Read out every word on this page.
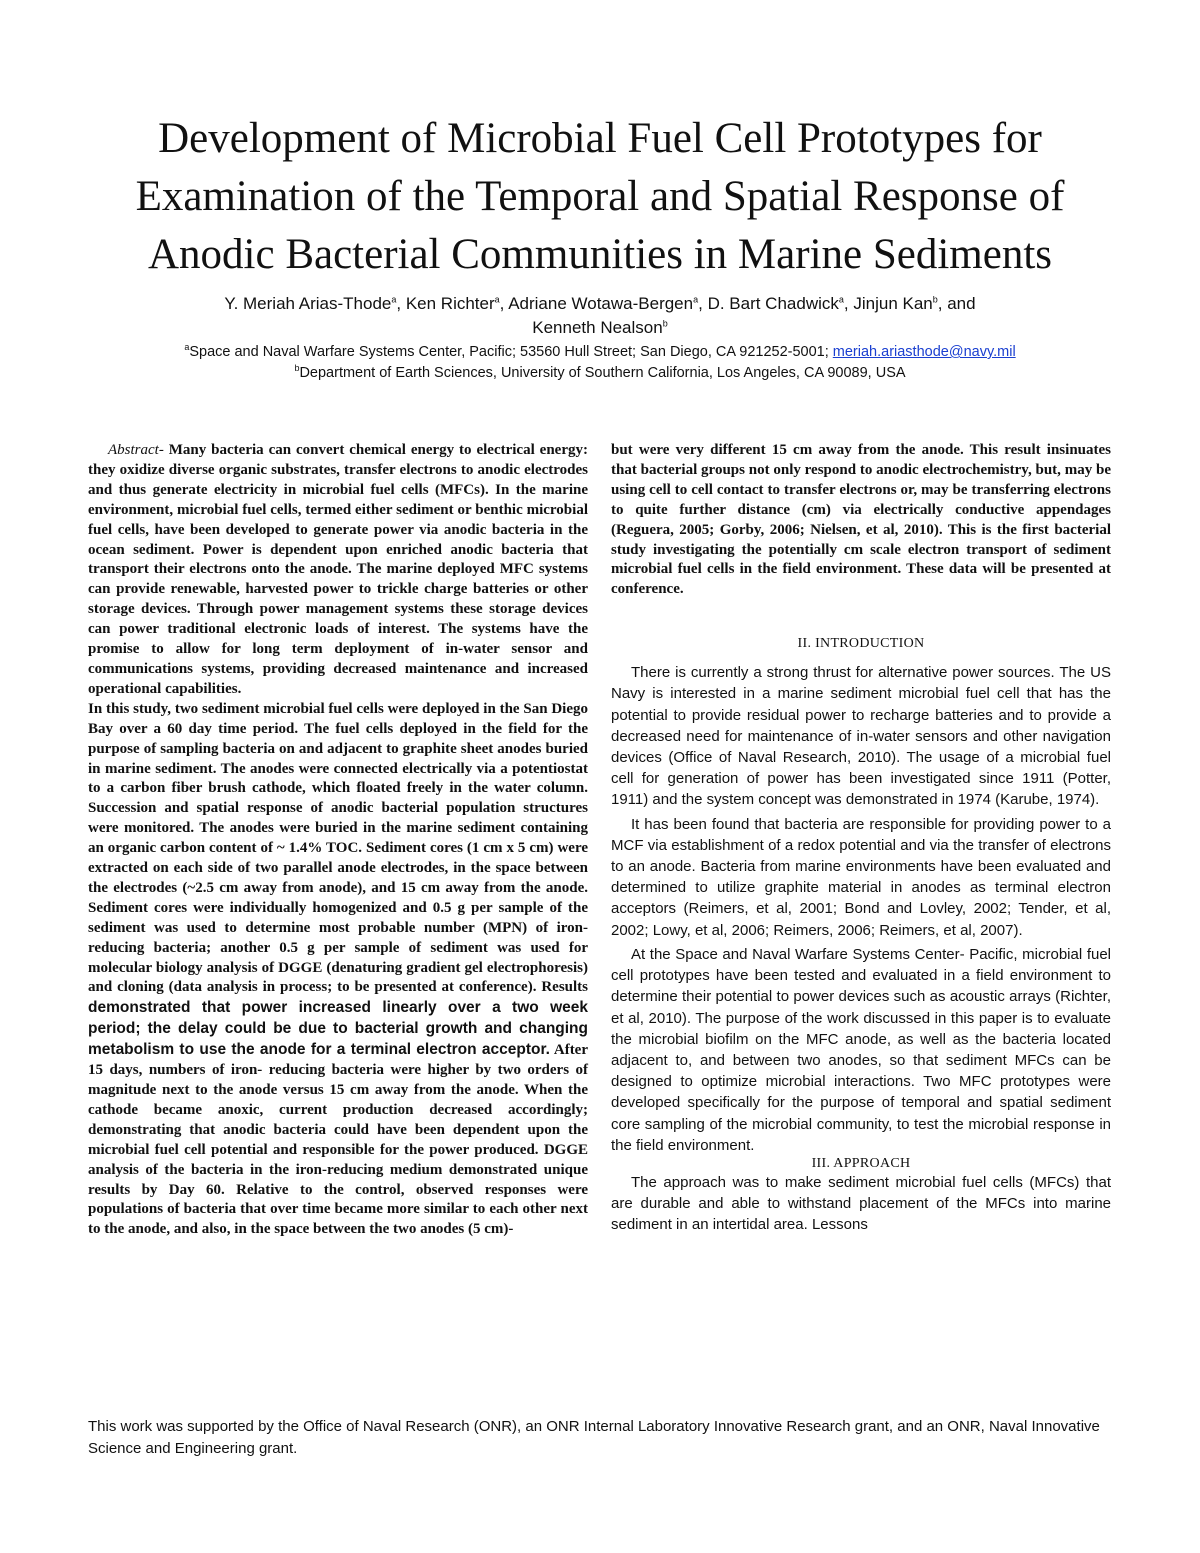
Development of Microbial Fuel Cell Prototypes for
Examination of the Temporal and Spatial Response of
Anodic Bacterial Communities in Marine Sediments
Y. Meriah Arias-Thode$^a$, Ken Richter$^a$, Adriane Wotawa-Bergen$^a$, D. Bart Chadwick$^a$, Jinjun Kan$^b$, and
Kenneth Nealson$^b$
$^a$Space and Naval Warfare Systems Center, Pacific; 53560 Hull Street; San Diego, CA 921252-5001; meriah.ariasthode@navy.mil
$^b$Department of Earth Sciences, University of Southern California, Los Angeles, CA 90089, USA

Abstract- Many bacteria can convert chemical energy to electrical energy: they oxidize diverse organic substrates, transfer electrons to anodic electrodes and thus generate electricity in microbial fuel cells (MFCs). In the marine environment, microbial fuel cells, termed either sediment or benthic microbial fuel cells, have been developed to generate power via anodic bacteria in the ocean sediment. Power is dependent upon enriched anodic bacteria that transport their electrons onto the anode. The marine deployed MFC systems can provide renewable, harvested power to trickle charge batteries or other storage devices. Through power management systems these storage devices can power traditional electronic loads of interest. The systems have the promise to allow for long term deployment of in-water sensor and communications systems, providing decreased maintenance and increased operational capabilities.

In this study, two sediment microbial fuel cells were deployed in the San Diego Bay over a 60 day time period. The fuel cells deployed in the field for the purpose of sampling bacteria on and adjacent to graphite sheet anodes buried in marine sediment. The anodes were connected electrically via a potentiostat to a carbon fiber brush cathode, which floated freely in the water column. Succession and spatial response of anodic bacterial population structures were monitored. The anodes were buried in the marine sediment containing an organic carbon content of ~ 1.4% TOC. Sediment cores (1 cm x 5 cm) were extracted on each side of two parallel anode electrodes, in the space between the electrodes (~2.5 cm away from anode), and 15 cm away from the anode. Sediment cores were individually homogenized and 0.5 g per sample of the sediment was used to determine most probable number (MPN) of iron- reducing bacteria; another 0.5 g per sample of sediment was used for molecular biology analysis of DGGE (denaturing gradient gel electrophoresis) and cloning (data analysis in process; to be presented at conference). Results demonstrated that power increased linearly over a two week period; the delay could be due to bacterial growth and changing metabolism to use the anode for a terminal electron acceptor. After 15 days, numbers of iron- reducing bacteria were higher by two orders of magnitude next to the anode versus 15 cm away from the anode. When the cathode became anoxic, current production decreased accordingly; demonstrating that anodic bacteria could have been dependent upon the microbial fuel cell potential and responsible for the power produced. DGGE analysis of the bacteria in the iron-reducing medium demonstrated unique results by Day 60. Relative to the control, observed responses were populations of bacteria that over time became more similar to each other next to the anode, and also, in the space between the two anodes (5 cm)-

but were very different 15 cm away from the anode. This result insinuates that bacterial groups not only respond to anodic electrochemistry, but, may be using cell to cell contact to transfer electrons or, may be transferring electrons to quite further distance (cm) via electrically conductive appendages (Reguera, 2005; Gorby, 2006; Nielsen, et al, 2010). This is the first bacterial study investigating the potentially cm scale electron transport of sediment microbial fuel cells in the field environment. These data will be presented at conference.

II. INTRODUCTION

There is currently a strong thrust for alternative power sources. The US Navy is interested in a marine sediment microbial fuel cell that has the potential to provide residual power to recharge batteries and to provide a decreased need for maintenance of in-water sensors and other navigation devices (Office of Naval Research, 2010). The usage of a microbial fuel cell for generation of power has been investigated since 1911 (Potter, 1911) and the system concept was demonstrated in 1974 (Karube, 1974).

It has been found that bacteria are responsible for providing power to a MCF via establishment of a redox potential and via the transfer of electrons to an anode. Bacteria from marine environments have been evaluated and determined to utilize graphite material in anodes as terminal electron acceptors (Reimers, et al, 2001; Bond and Lovley, 2002; Tender, et al, 2002; Lowy, et al, 2006; Reimers, 2006; Reimers, et al, 2007).

At the Space and Naval Warfare Systems Center- Pacific, microbial fuel cell prototypes have been tested and evaluated in a field environment to determine their potential to power devices such as acoustic arrays (Richter, et al, 2010). The purpose of the work discussed in this paper is to evaluate the microbial biofilm on the MFC anode, as well as the bacteria located adjacent to, and between two anodes, so that sediment MFCs can be designed to optimize microbial interactions. Two MFC prototypes were developed specifically for the purpose of temporal and spatial sediment core sampling of the microbial community, to test the microbial response in the field environment.

III. APPROACH

The approach was to make sediment microbial fuel cells (MFCs) that are durable and able to withstand placement of the MFCs into marine sediment in an intertidal area. Lessons

This work was supported by the Office of Naval Research (ONR), an ONR Internal Laboratory Innovative Research grant, and an ONR, Naval Innovative Science and Engineering grant.
